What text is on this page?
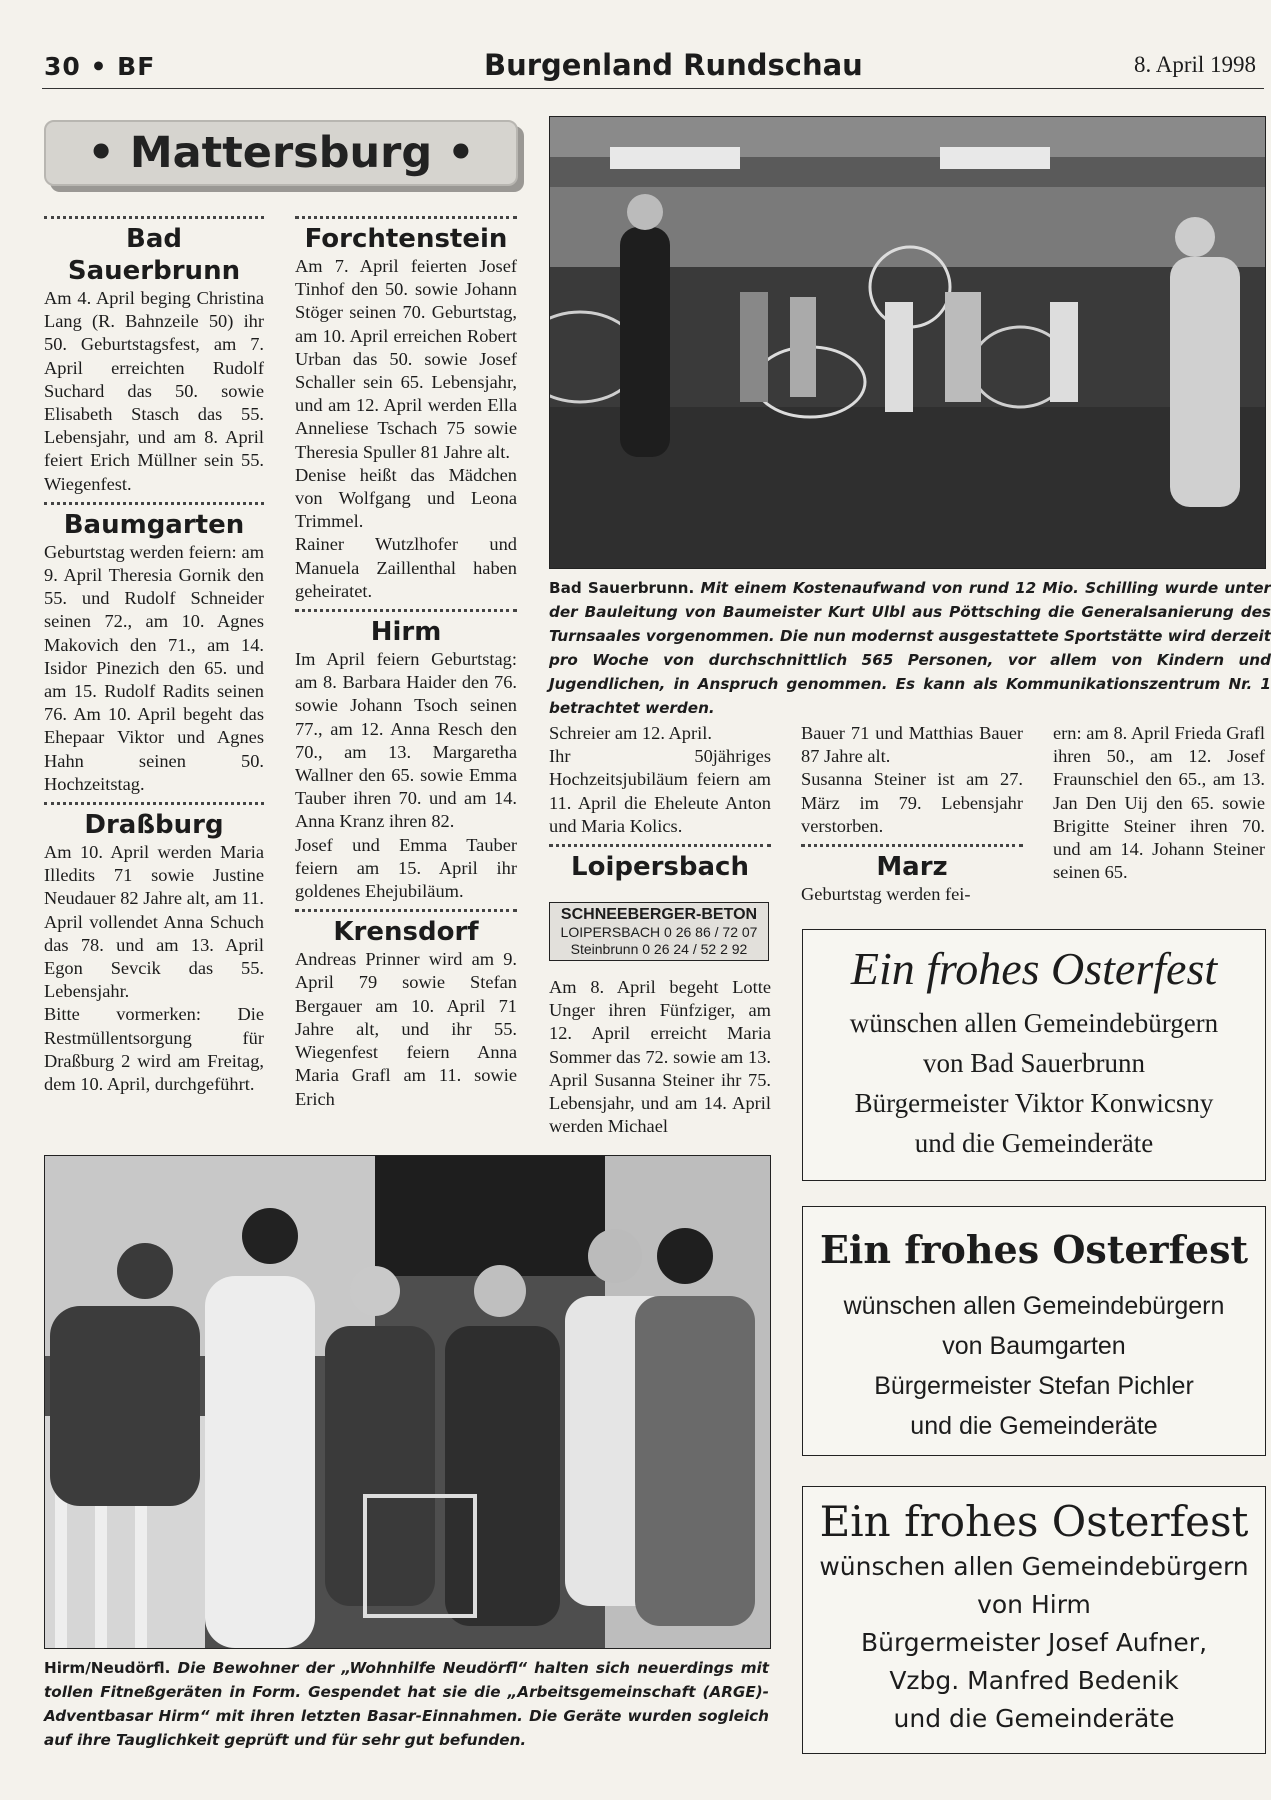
30 • BF	Burgenland Rundschau	8. April 1998
• Mattersburg •

Bad Sauerbrunn

Am 4. April beging Christina Lang (R. Bahnzeile 50) ihr 50. Geburtstagsfest, am 7. April erreichten Rudolf Suchard das 50. sowie Elisabeth Stasch das 55. Lebensjahr, und am 8. April feiert Erich Müllner sein 55. Wiegenfest.

Baumgarten

Geburtstag werden feiern: am 9. April Theresia Gornik den 55. und Rudolf Schneider seinen 72., am 10. Agnes Makovich den 71., am 14. Isidor Pinezich den 65. und am 15. Rudolf Radits seinen 76. Am 10. April begeht das Ehepaar Viktor und Agnes Hahn seinen 50. Hochzeitstag.

Draßburg

Am 10. April werden Maria Illedits 71 sowie Justine Neudauer 82 Jahre alt, am 11. April vollendet Anna Schuch das 78. und am 13. April Egon Sevcik das 55. Lebensjahr.

Bitte vormerken: Die Restmüllentsorgung für Draßburg 2 wird am Freitag, dem 10. April, durchgeführt.

Forchtenstein

Am 7. April feierten Josef Tinhof den 50. sowie Johann Stöger seinen 70. Geburtstag, am 10. April erreichen Robert Urban das 50. sowie Josef Schaller sein 65. Lebensjahr, und am 12. April werden Ella Anneliese Tschach 75 sowie Theresia Spuller 81 Jahre alt.

Denise heißt das Mädchen von Wolfgang und Leona Trimmel.

Rainer Wutzlhofer und Manuela Zaillenthal haben geheiratet.

Hirm

Im April feiern Geburtstag: am 8. Barbara Haider den 76. sowie Johann Tsoch seinen 77., am 12. Anna Resch den 70., am 13. Margaretha Wallner den 65. sowie Emma Tauber ihren 70. und am 14. Anna Kranz ihren 82.

Josef und Emma Tauber feiern am 15. April ihr goldenes Ehejubiläum.

Krensdorf

Andreas Prinner wird am 9. April 79 sowie Stefan Bergauer am 10. April 71 Jahre alt, und ihr 55. Wiegenfest feiern Anna Maria Grafl am 11. sowie Erich

Bad Sauerbrunn. Mit einem Kostenaufwand von rund 12 Mio. Schilling wurde unter der Bauleitung von Baumeister Kurt Ulbl aus Pöttsching die Generalsanierung des Turnsaales vorgenommen. Die nun modernst ausgestattete Sportstätte wird derzeit pro Woche von durchschnittlich 565 Personen, vor allem von Kindern und Jugendlichen, in Anspruch genommen. Es kann als Kommunikationszentrum Nr. 1 betrachtet werden.

Schreier am 12. April.

Ihr 50jähriges Hochzeitsjubiläum feiern am 11. April die Eheleute Anton und Maria Kolics.

Loipersbach

SCHNEEBERGER-BETON
LOIPERSBACH 0 26 86 / 72 07
Steinbrunn 0 26 24 / 52 2 92

Am 8. April begeht Lotte Unger ihren Fünfziger, am 12. April erreicht Maria Sommer das 72. sowie am 13. April Susanna Steiner ihr 75. Lebensjahr, und am 14. April werden Michael

Bauer 71 und Matthias Bauer 87 Jahre alt.

Susanna Steiner ist am 27. März im 79. Lebensjahr verstorben.

Marz

Geburtstag werden fei-

ern: am 8. April Frieda Grafl ihren 50., am 12. Josef Fraunschiel den 65., am 13. Jan Den Uij den 65. sowie Brigitte Steiner ihren 70. und am 14. Johann Steiner seinen 65.

Ein frohes Osterfest
wünschen allen Gemeindebürgern
von Bad Sauerbrunn
Bürgermeister Viktor Konwicsny
und die Gemeinderäte
Ein frohes Osterfest
wünschen allen Gemeindebürgern
von Baumgarten
Bürgermeister Stefan Pichler
und die Gemeinderäte
Ein frohes Osterfest
wünschen allen Gemeindebürgern
von Hirm
Bürgermeister Josef Aufner,
Vzbg. Manfred Bedenik
und die Gemeinderäte
Hirm/Neudörfl. Die Bewohner der „Wohnhilfe Neudörfl“ halten sich neuerdings mit tollen Fitneßgeräten in Form. Gespendet hat sie die „Arbeitsgemeinschaft (ARGE)-Adventbasar Hirm“ mit ihren letzten Basar-Einnahmen. Die Geräte wurden sogleich auf ihre Tauglichkeit geprüft und für sehr gut befunden.
